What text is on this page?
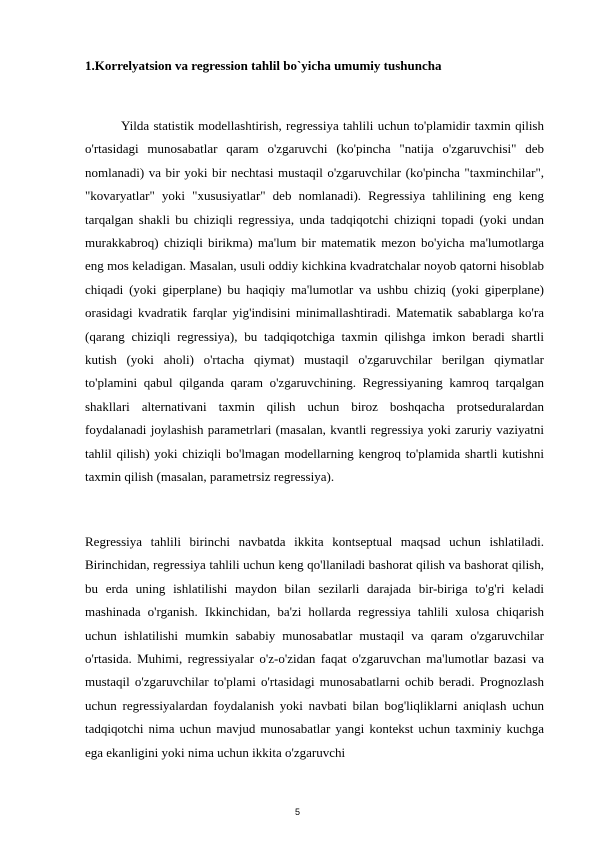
1.Korrelyatsion va regression tahlil bo`yicha umumiy tushuncha

Yilda statistik modellashtirish, regressiya tahlili uchun to'plamidir taxmin qilish o'rtasidagi munosabatlar qaram o'zgaruvchi (ko'pincha "natija o'zgaruvchisi" deb nomlanadi) va bir yoki bir nechtasi mustaqil o'zgaruvchilar (ko'pincha "taxminchilar", "kovaryatlar" yoki "xususiyatlar" deb nomlanadi). Regressiya tahlilining eng keng tarqalgan shakli bu chiziqli regressiya, unda tadqiqotchi chiziqni topadi (yoki undan murakkabroq) chiziqli birikma) ma'lum bir matematik mezon bo'yicha ma'lumotlarga eng mos keladigan. Masalan, usuli oddiy kichkina kvadratchalar noyob qatorni hisoblab chiqadi (yoki giperplane) bu haqiqiy ma'lumotlar va ushbu chiziq (yoki giperplane) orasidagi kvadratik farqlar yig'indisini minimallashtiradi. Matematik sabablarga ko'ra (qarang chiziqli regressiya), bu tadqiqotchiga taxmin qilishga imkon beradi shartli kutish (yoki aholi) o'rtacha qiymat) mustaqil o'zgaruvchilar berilgan qiymatlar to'plamini qabul qilganda qaram o'zgaruvchining. Regressiyaning kamroq tarqalgan shakllari alternativani taxmin qilish uchun biroz boshqacha protseduralardan foydalanadi joylashish parametrlari (masalan, kvantli regressiya yoki zaruriy vaziyatni tahlil qilish) yoki chiziqli bo'lmagan modellarning kengroq to'plamida shartli kutishni taxmin qilish (masalan, parametrsiz regressiya).

Regressiya tahlili birinchi navbatda ikkita kontseptual maqsad uchun ishlatiladi. Birinchidan, regressiya tahlili uchun keng qo'llaniladi bashorat qilish va bashorat qilish, bu erda uning ishlatilishi maydon bilan sezilarli darajada bir-biriga to'g'ri keladi mashinada o'rganish. Ikkinchidan, ba'zi hollarda regressiya tahlili xulosa chiqarish uchun ishlatilishi mumkin sababiy munosabatlar mustaqil va qaram o'zgaruvchilar o'rtasida. Muhimi, regressiyalar o'z-o'zidan faqat o'zgaruvchan ma'lumotlar bazasi va mustaqil o'zgaruvchilar to'plami o'rtasidagi munosabatlarni ochib beradi. Prognozlash uchun regressiyalardan foydalanish yoki navbati bilan bog'liqliklarni aniqlash uchun tadqiqotchi nima uchun mavjud munosabatlar yangi kontekst uchun taxminiy kuchga ega ekanligini yoki nima uchun ikkita o'zgaruvchi

5
